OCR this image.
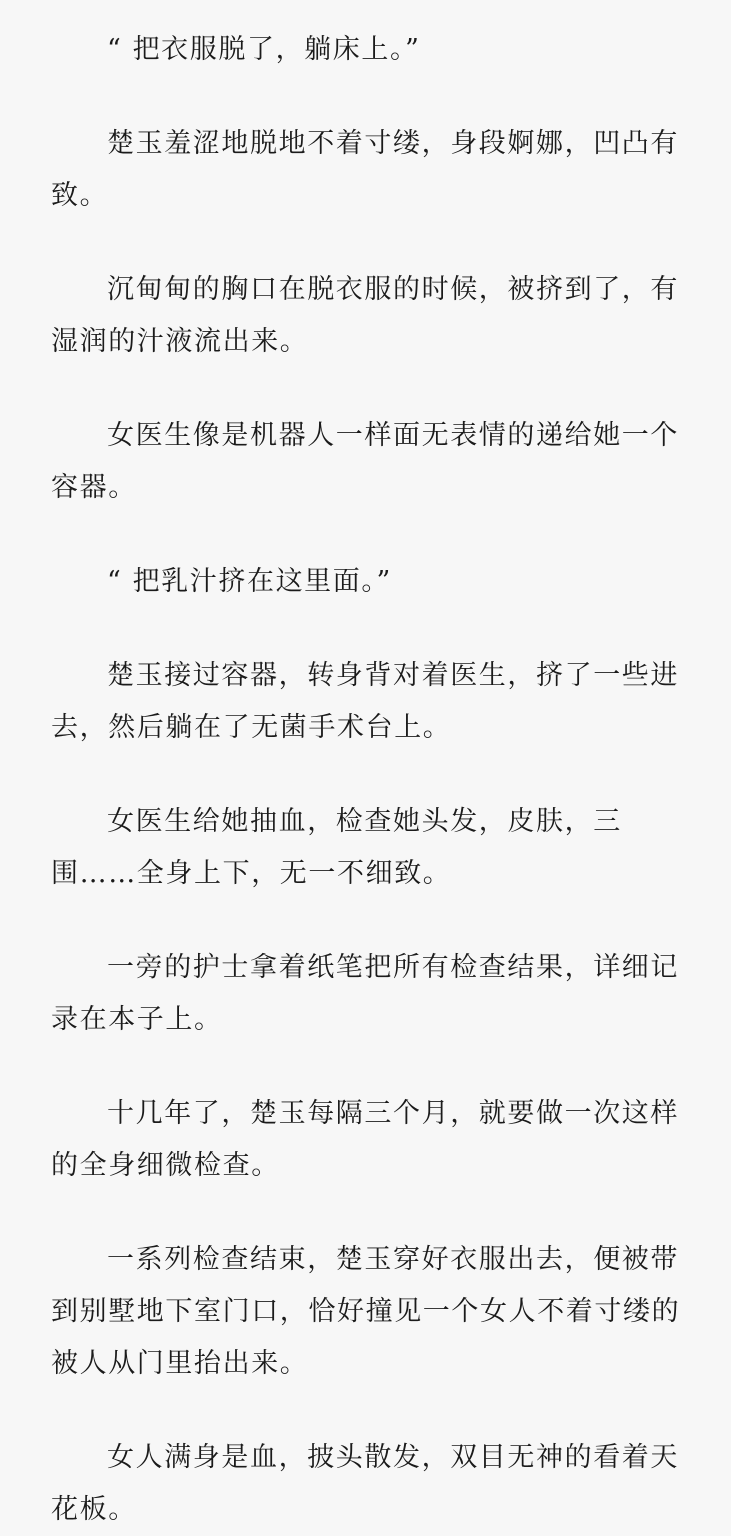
“ 把衣服脱了，躺床上。”

楚玉羞涩地脱地不着寸缕，身段婀娜，凹凸有致。

沉甸甸的胸口在脱衣服的时候，被挤到了，有湿润的汁液流出来。

女医生像是机器人一样面无表情的递给她一个容器。

“ 把乳汁挤在这里面。”

楚玉接过容器，转身背对着医生，挤了一些进去，然后躺在了无菌手术台上。

女医生给她抽血，检查她头发，皮肤，三围……全身上下，无一不细致。

一旁的护士拿着纸笔把所有检查结果，详细记录在本子上。

十几年了，楚玉每隔三个月，就要做一次这样的全身细微检查。

一系列检查结束，楚玉穿好衣服出去，便被带到别墅地下室门口，恰好撞见一个女人不着寸缕的被人从门里抬出来。

女人满身是血，披头散发，双目无神的看着天花板。
